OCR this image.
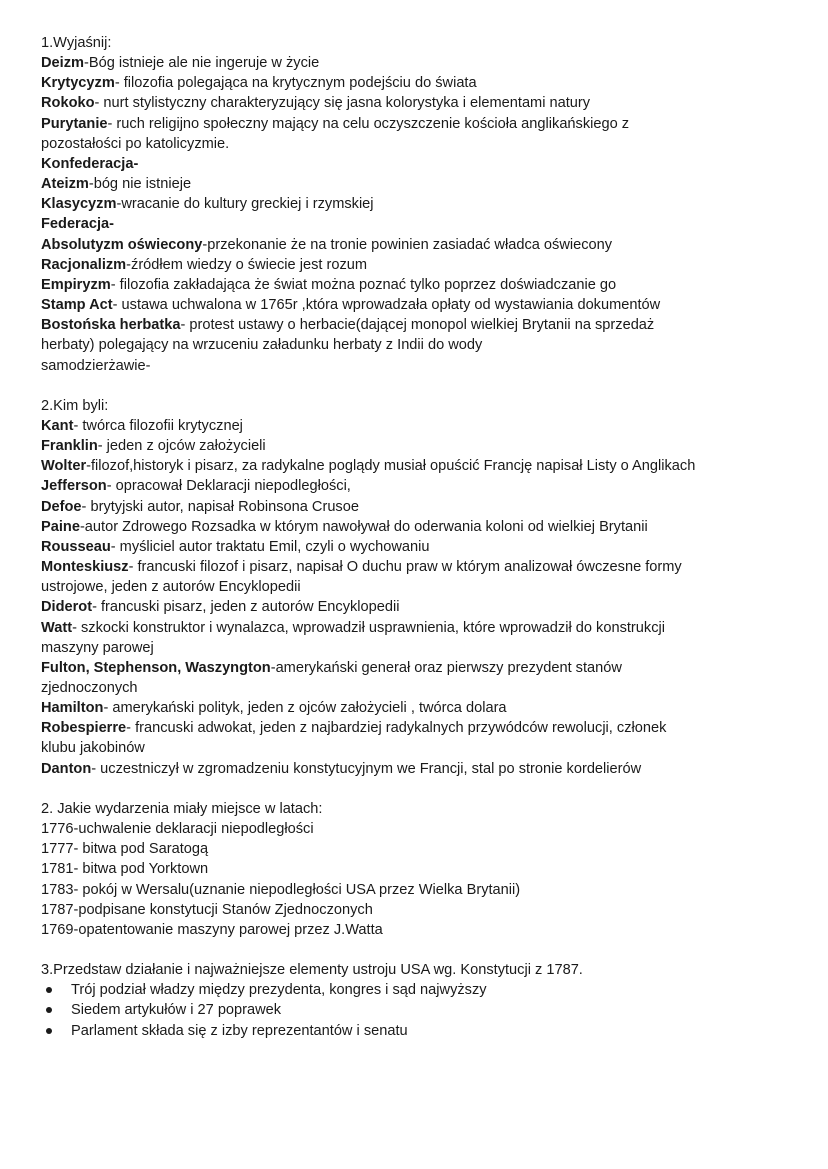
1.Wyjaśnij:
Deizm-Bóg istnieje ale nie ingeruje w życie
Krytycyzm- filozofia polegająca na krytycznym podejściu do świata
Rokoko- nurt stylistyczny charakteryzujący się jasna kolorystyka i elementami natury
Purytanie- ruch religijno społeczny mający na celu oczyszczenie kościoła anglikańskiego z
pozostałości po katolicyzmie.
Konfederacja-
Ateizm-bóg nie istnieje
Klasycyzm-wracanie do kultury greckiej i rzymskiej
Federacja-
Absolutyzm oświecony-przekonanie że na tronie powinien zasiadać władca oświecony
Racjonalizm-źródłem wiedzy o świecie jest rozum
Empiryzm- filozofia zakładająca że świat można poznać tylko poprzez doświadczanie go
Stamp Act- ustawa uchwalona w 1765r ,która wprowadzała opłaty od wystawiania dokumentów
Bostońska herbatka- protest ustawy o herbacie(dającej monopol wielkiej Brytanii na sprzedaż
herbaty) polegający na wrzuceniu załadunku herbaty z Indii do wody
samodzierżawie-
2.Kim byli:
Kant- twórca filozofii krytycznej
Franklin- jeden z ojców założycieli
Wolter-filozof,historyk i pisarz, za radykalne poglądy musiał opuścić Francję napisał Listy o Anglikach
Jefferson- opracował Deklaracji niepodległości,
Defoe- brytyjski autor, napisał Robinsona Crusoe
Paine-autor Zdrowego Rozsadka w którym nawoływał do oderwania koloni od wielkiej Brytanii
Rousseau- myśliciel autor traktatu Emil, czyli o wychowaniu
Monteskiusz- francuski filozof i pisarz, napisał O duchu praw w którym analizował ówczesne formy
ustrojowe, jeden z autorów Encyklopedii
Diderot- francuski pisarz, jeden z autorów Encyklopedii
Watt- szkocki konstruktor i wynalazca, wprowadził usprawnienia, które wprowadził do konstrukcji
maszyny parowej
Fulton, Stephenson, Waszyngton-amerykański generał oraz pierwszy prezydent stanów
zjednoczonych
Hamilton- amerykański polityk, jeden z ojców założycieli , twórca dolara
Robespierre- francuski adwokat, jeden z najbardziej radykalnych przywódców rewolucji, członek
klubu jakobinów
Danton- uczestniczył w zgromadzeniu konstytucyjnym we Francji, stal po stronie kordelierów
2. Jakie wydarzenia miały miejsce w latach:
1776-uchwalenie deklaracji niepodległości
1777- bitwa pod Saratogą
1781- bitwa pod Yorktown
1783- pokój w Wersalu(uznanie niepodległości USA przez Wielka Brytanii)
1787-podpisane konstytucji Stanów Zjednoczonych
1769-opatentowanie maszyny parowej przez J.Watta
3.Przedstaw działanie i najważniejsze elementy ustroju USA wg. Konstytucji z 1787.
Trój podział władzy między prezydenta, kongres i sąd najwyższy
Siedem artykułów i 27 poprawek
Parlament składa się z izby reprezentantów i senatu
